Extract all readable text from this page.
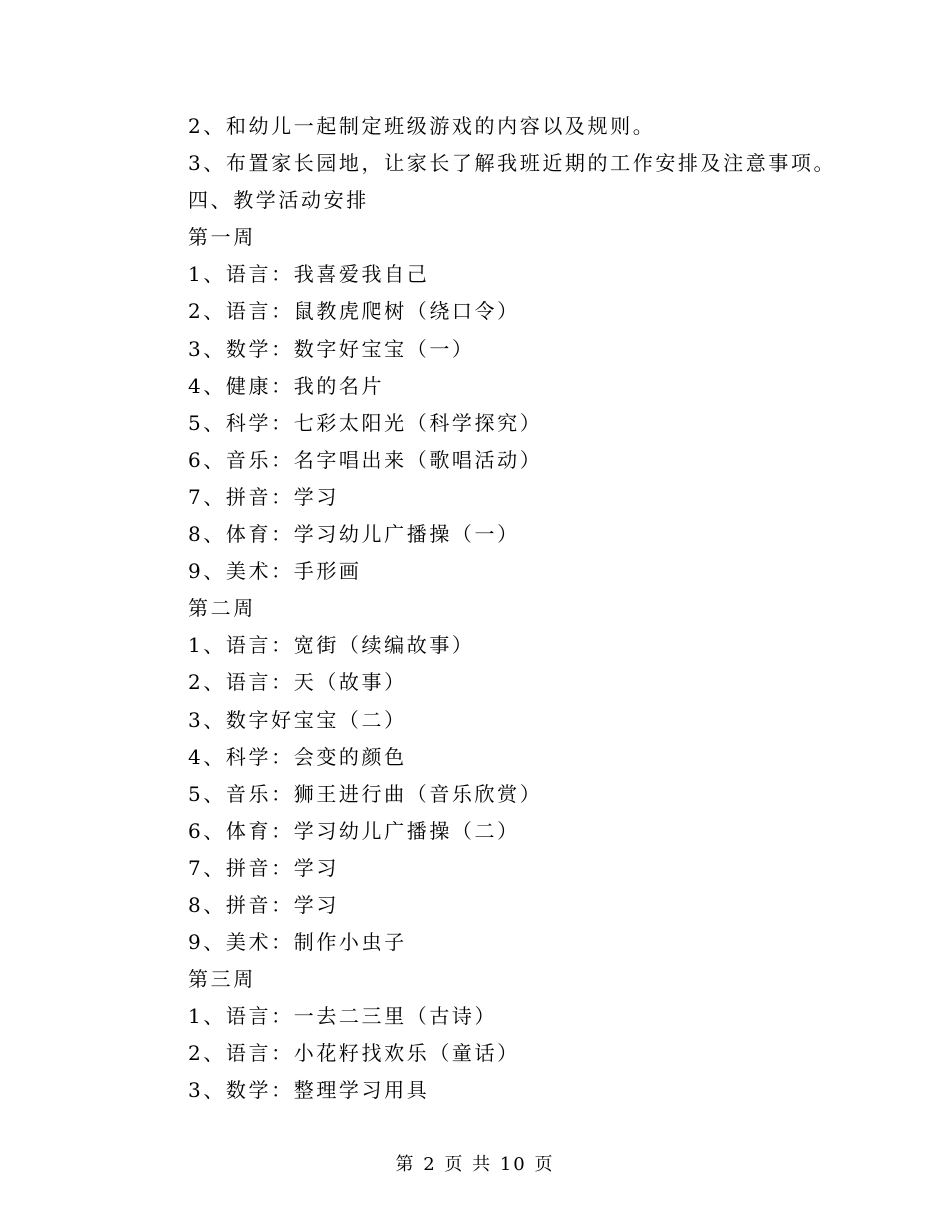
2、和幼儿一起制定班级游戏的内容以及规则。
3、布置家长园地，让家长了解我班近期的工作安排及注意事项。
四、教学活动安排
第一周
1、语言：我喜爱我自己
2、语言：鼠教虎爬树（绕口令）
3、数学：数字好宝宝（一）
4、健康：我的名片
5、科学：七彩太阳光（科学探究）
6、音乐：名字唱出来（歌唱活动）
7、拼音：学习
8、体育：学习幼儿广播操（一）
9、美术：手形画
第二周
1、语言：宽街（续编故事）
2、语言：天（故事）
3、数字好宝宝（二）
4、科学：会变的颜色
5、音乐：狮王进行曲（音乐欣赏）
6、体育：学习幼儿广播操（二）
7、拼音：学习
8、拼音：学习
9、美术：制作小虫子
第三周
1、语言：一去二三里（古诗）
2、语言：小花籽找欢乐（童话）
3、数学：整理学习用具
第 2 页 共 10 页
